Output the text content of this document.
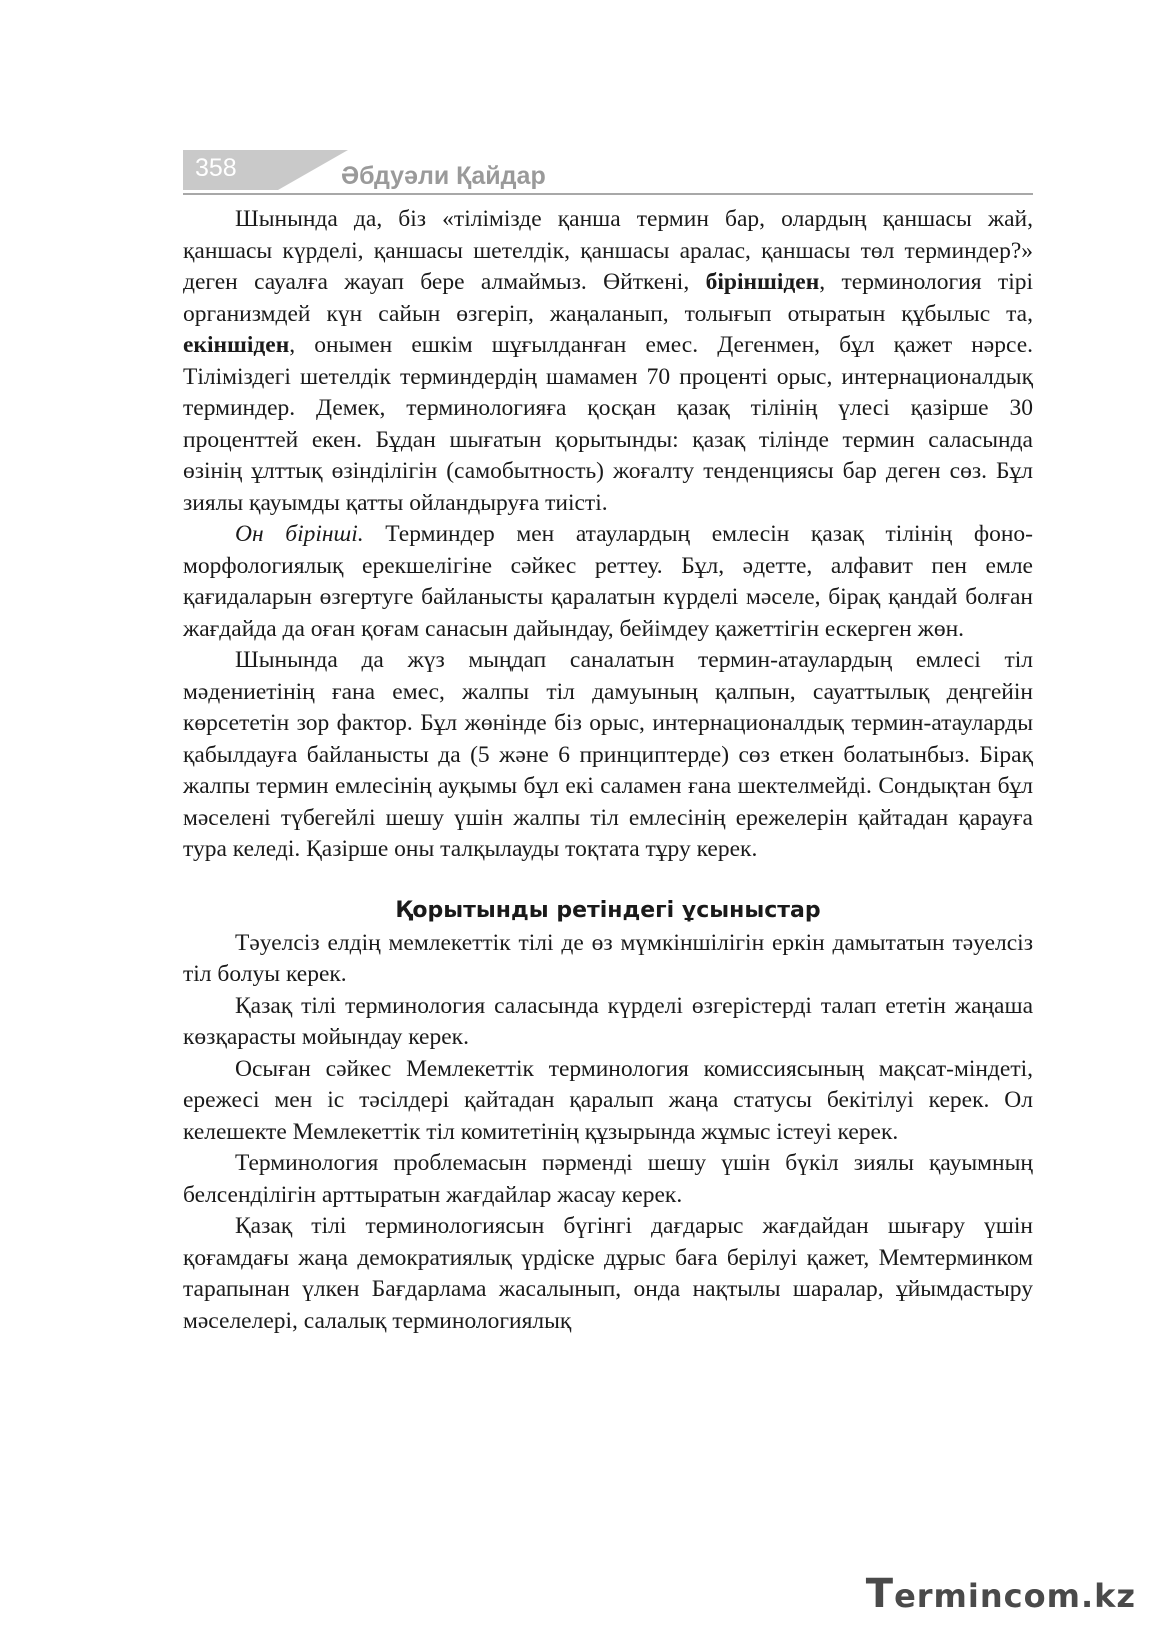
358	Әбдуәли Қайдар

Шынында да, біз «тілімізде қанша термин бар, олардың қаншасы жай, қаншасы күрделі, қаншасы шетелдік, қаншасы аралас, қаншасы төл терминдер?» деген сауалға жауап бере алмаймыз. Өйткені, біріншіден, терминология тірі организмдей күн сайын өзгеріп, жаңаланып, толығып отыратын құбылыс та, екіншіден, онымен ешкім шұғылданған емес. Дегенмен, бұл қажет нәрсе. Тіліміздегі шетелдік терминдердің шамамен 70 проценті орыс, интернационалдық терминдер. Демек, терминологияға қосқан қазақ тілінің үлесі қазірше 30 проценттей екен. Бұдан шығатын қорытынды: қазақ тілінде термин саласында өзінің ұлттық өзінділігін (самобытность) жоғалту тенденциясы бар деген сөз. Бұл зиялы қауымды қатты ойландыруға тиісті.

Он бірінші. Терминдер мен атаулардың емлесін қазақ тілінің фоно-морфологиялық ерекшелігіне сәйкес реттеу. Бұл, әдетте, алфавит пен емле қағидаларын өзгертуге байланысты қаралатын күрделі мәселе, бірақ қандай болған жағдайда да оған қоғам санасын дайындау, бейімдеу қажеттігін ескерген жөн.

Шынында да жүз мыңдап саналатын термин-атаулардың емлесі тіл мәдениетінің ғана емес, жалпы тіл дамуының қалпын, сауаттылық деңгейін көрсететін зор фактор. Бұл жөнінде біз орыс, интернационалдық термин-атауларды қабылдауға байланысты да (5 және 6 принциптерде) сөз еткен болатынбыз. Бірақ жалпы термин емлесінің ауқымы бұл екі саламен ғана шектелмейді. Сондықтан бұл мәселені түбегейлі шешу үшін жалпы тіл емлесінің ережелерін қайтадан қарауға тура келеді. Қазірше оны талқылауды тоқтата тұру керек.

Қорытынды ретіндегі ұсыныстар

Тәуелсіз елдің мемлекеттік тілі де өз мүмкіншілігін еркін дамытатын тәуелсіз тіл болуы керек.

Қазақ тілі терминология саласында күрделі өзгерістерді талап ететін жаңаша көзқарасты мойындау керек.

Осыған сәйкес Мемлекеттік терминология комиссиясының мақсат-міндеті, ережесі мен іс тәсілдері қайтадан қаралып жаңа статусы бекітілуі керек. Ол келешекте Мемлекеттік тіл комитетінің құзырында жұмыс істеуі керек.

Терминология проблемасын пәрменді шешу үшін бүкіл зиялы қауымның белсенділігін арттыратын жағдайлар жасау керек.

Қазақ тілі терминологиясын бүгінгі дағдарыс жағдайдан шығару үшін қоғамдағы жаңа демократиялық үрдіске дұрыс баға берілуі қажет, Мемтерминком тарапынан үлкен Бағдарлама жасалынып, онда нақтылы шаралар, ұйымдастыру мәселелері, салалық терминологиялық

Termincom.kz
